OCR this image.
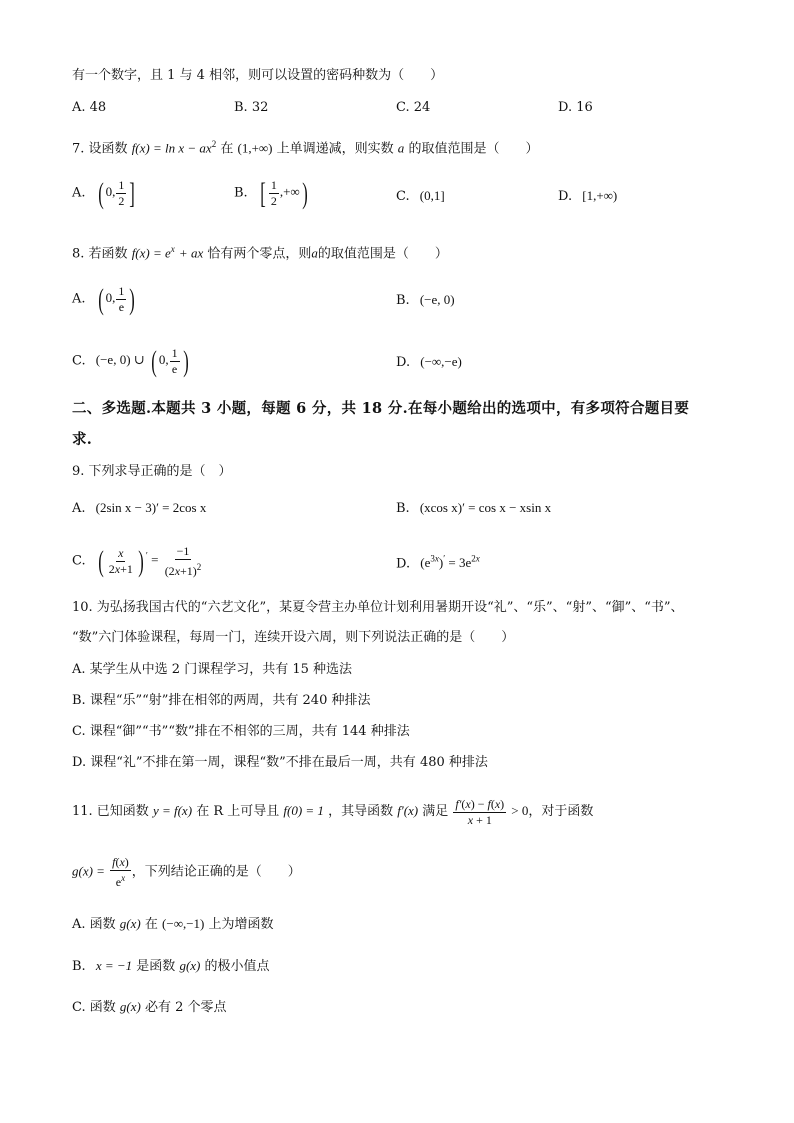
有一个数字，且 1 与 4 相邻，则可以设置的密码种数为（　　）
A. 48	B. 32	C. 24	D. 16
7. 设函数 $f(x) = \ln x - ax^2$ 在 (1,+∞) 上单调递减，则实数 a 的取值范围是（　　）
A. ( 0, $\frac{1}{2}$ ]	B. [ $\frac{1}{2}$ ,+∞)	C. (0,1]	D. [1,+∞)
8. 若函数 $f(x) = e^x$ + ax 恰有两个零点，则a的取值范围是（　　）
A. ( 0, $\frac{1}{e}$ )	B. (−e, 0)
C. (−e, 0) ∪ ( 0, $\frac{1}{e}$ )	D. (−∞,−e)
二、多选题.本题共 3 小题，每题 6 分，共 18 分.在每小题给出的选项中，有多项符合题目要
求.
9. 下列求导正确的是（　）
A. (2sin x − 3)′ = 2cos x	B. (xcos x)′ = cos x − xsin x
C. ( $\frac{x}{2x+1}$ ) $' = \frac{-1}{(2x+1)^2}$	D. $(e^{3x})' = 3e^{2x}$
10. 为弘扬我国古代的“六艺文化”，某夏令营主办单位计划利用暑期开设“礼”、“乐”、“射”、“御”、“书”、
“数”六门体验课程，每周一门，连续开设六周，则下列说法正确的是（　　）
A. 某学生从中选 2 门课程学习，共有 15 种选法
B. 课程“乐”“射”排在相邻的两周，共有 240 种排法
C. 课程“御”“书”“数”排在不相邻的三周，共有 144 种排法
D. 课程“礼”不排在第一周，课程“数”不排在最后一周，共有 480 种排法
11. 已知函数 y = f(x) 在 R 上可导且 f(0) = 1 ，其导函数 f′(x) 满足 $\frac{f'(x) - f(x)}{x + 1} > 0$，对于函数
$g(x) = \frac{f(x)}{e^x}$ ，下列结论正确的是（　　）
A. 函数 g(x) 在 (−∞,−1) 上为增函数
B. x = −1 是函数 g(x) 的极小值点
C. 函数 g(x) 必有 2 个零点
